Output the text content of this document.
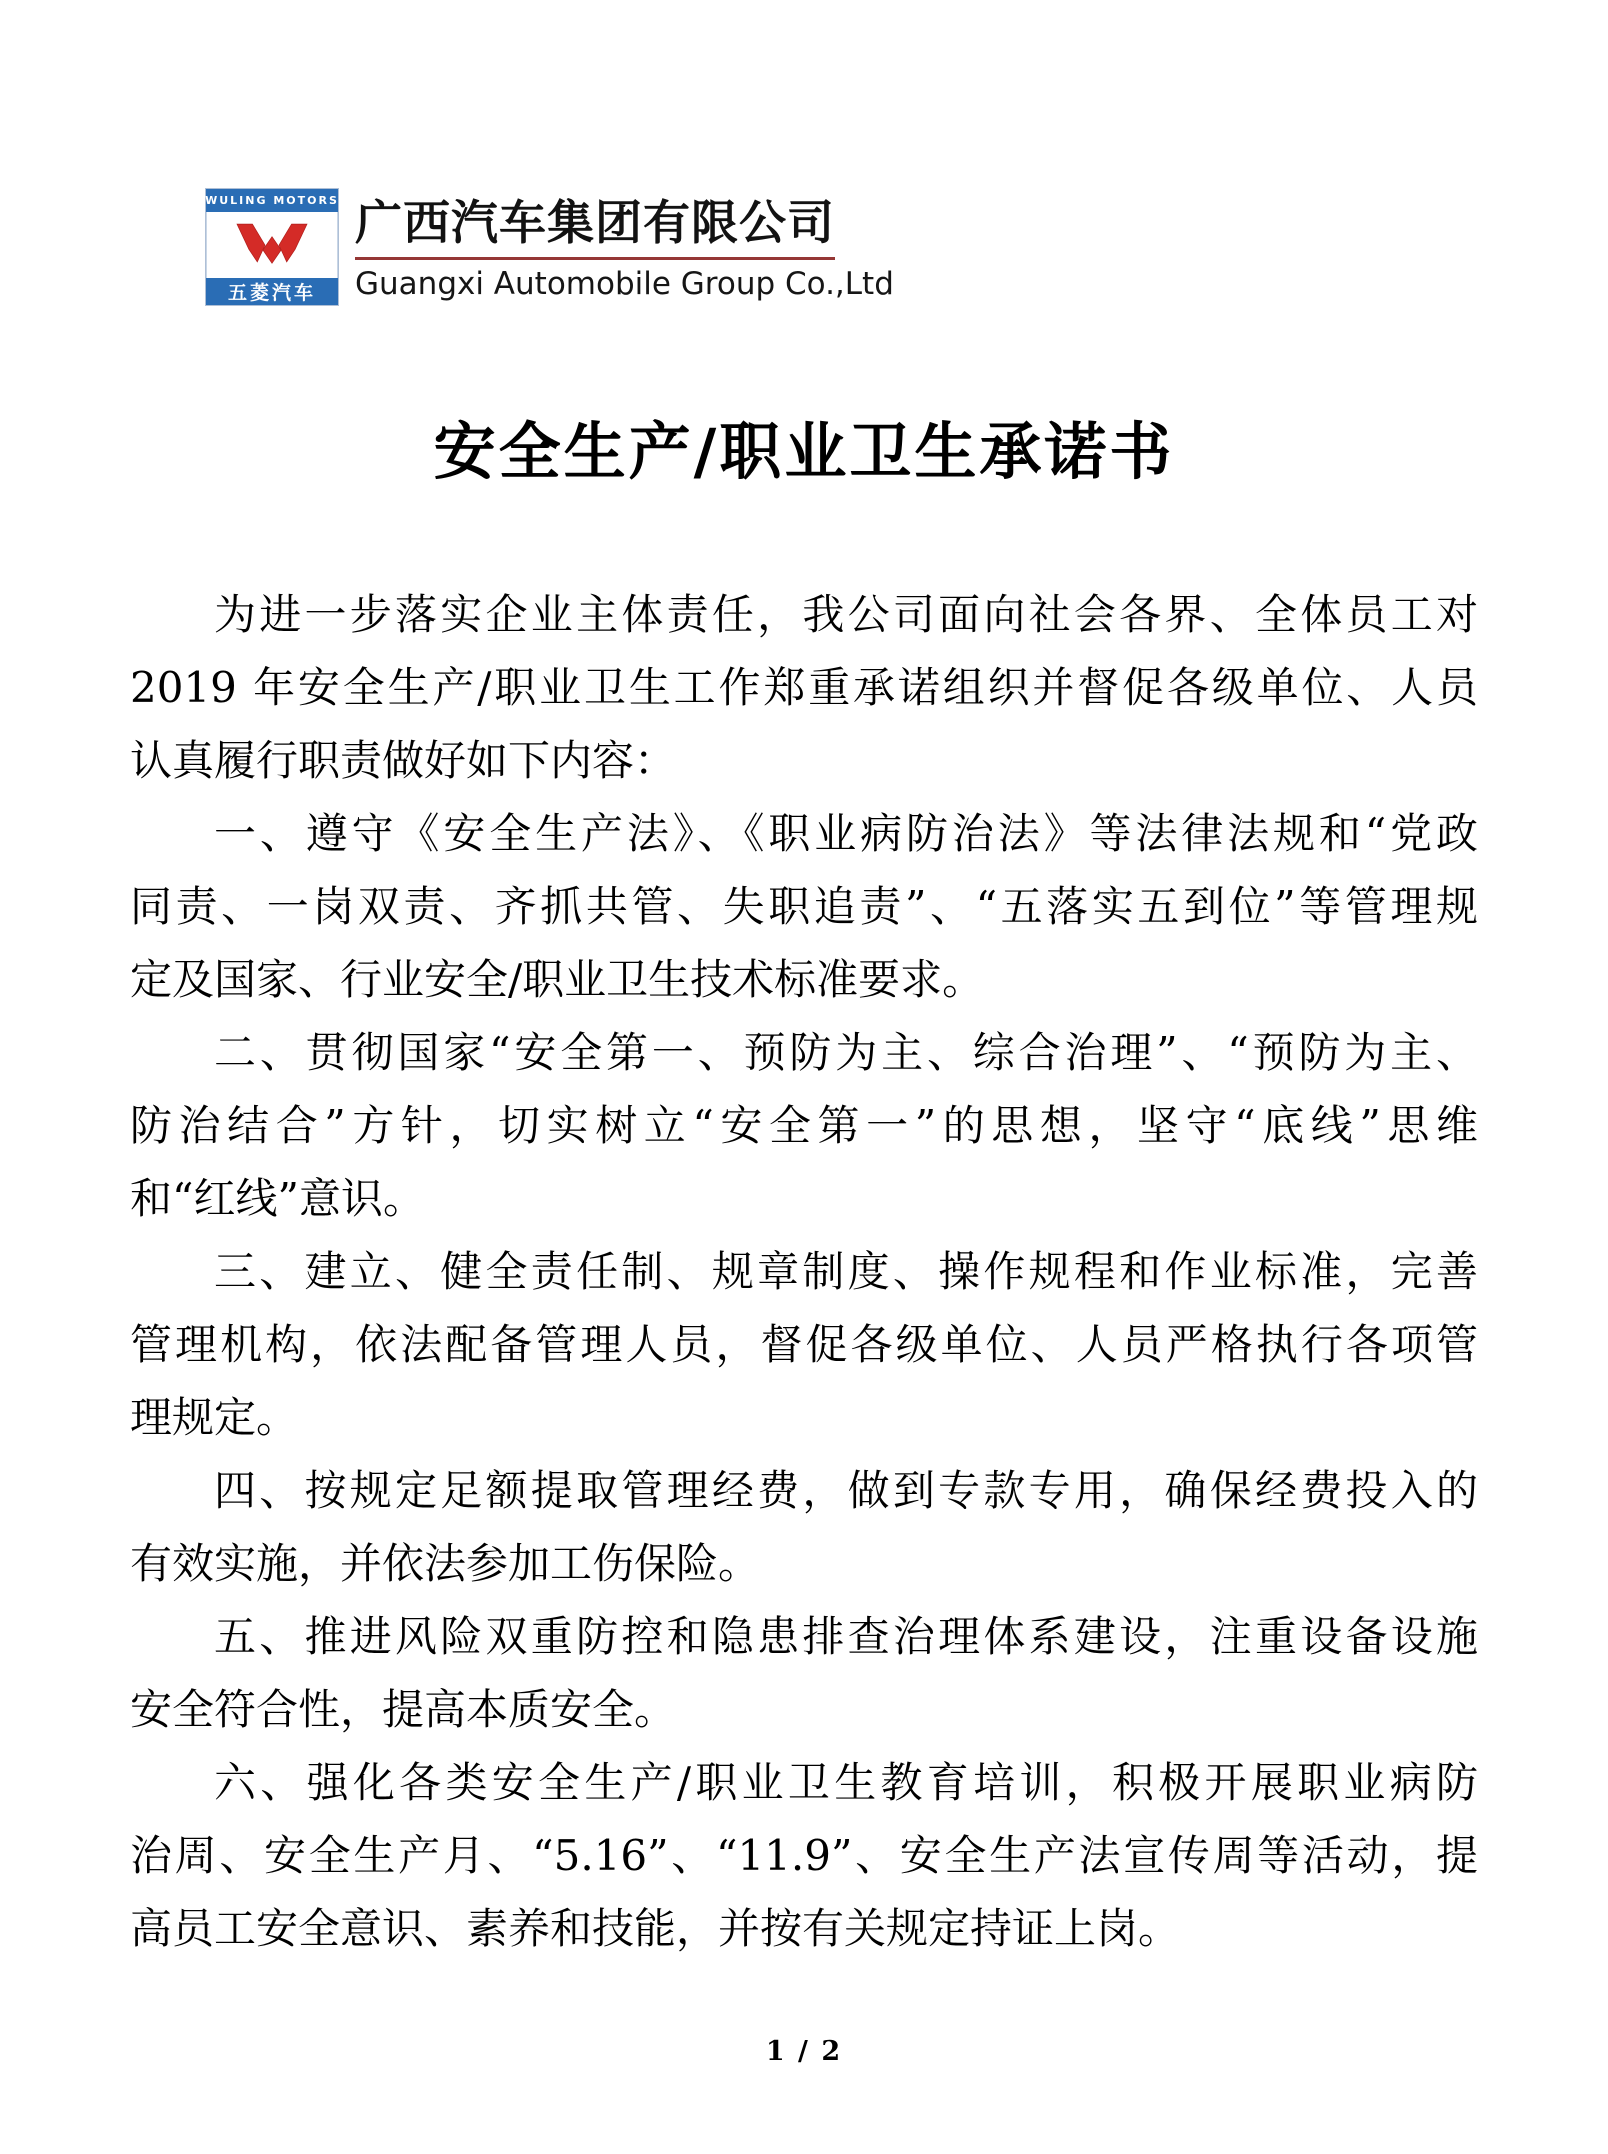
WULING MOTORS
五菱汽车
广西汽车集团有限公司
Guangxi Automobile Group Co.,Ltd
安全生产/职业卫生承诺书
为进一步落实企业主体责任，我公司面向社会各界、全体员工对
2019 年安全生产/职业卫生工作郑重承诺组织并督促各级单位、人员
认真履行职责做好如下内容：
一、遵守《安全生产法》、《职业病防治法》等法律法规和“党政
同责、一岗双责、齐抓共管、失职追责”、“五落实五到位”等管理规
定及国家、行业安全/职业卫生技术标准要求。
二、贯彻国家“安全第一、预防为主、综合治理”、“预防为主、
防治结合”方针，切实树立“安全第一”的思想，坚守“底线”思维
和“红线”意识。
三、建立、健全责任制、规章制度、操作规程和作业标准，完善
管理机构，依法配备管理人员，督促各级单位、人员严格执行各项管
理规定。
四、按规定足额提取管理经费，做到专款专用，确保经费投入的
有效实施，并依法参加工伤保险。
五、推进风险双重防控和隐患排查治理体系建设，注重设备设施
安全符合性，提高本质安全。
六、强化各类安全生产/职业卫生教育培训，积极开展职业病防
治周、安全生产月、“5.16”、“11.9”、安全生产法宣传周等活动，提
高员工安全意识、素养和技能，并按有关规定持证上岗。
1 / 2
